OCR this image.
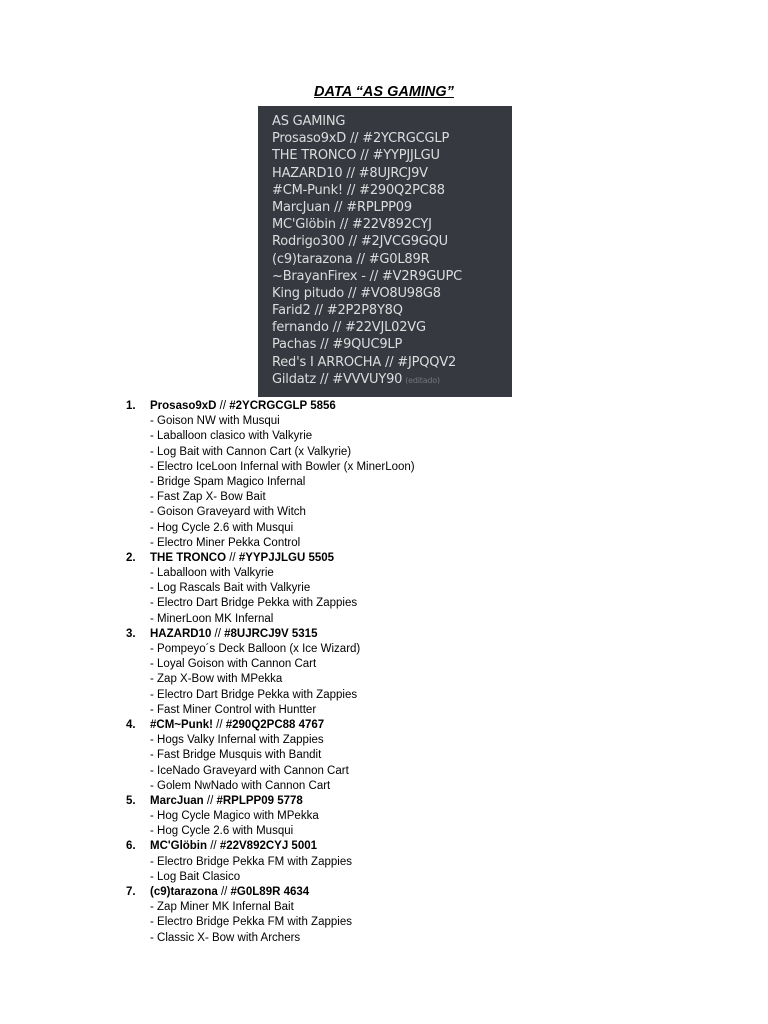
DATA “AS GAMING”
AS GAMING
Prosaso9xD // #2YCRGCGLP
THE TRONCO // #YYPJJLGU
HAZARD10 // #8UJRCJ9V
#CM-Punk! // #290Q2PC88
MarcJuan // #RPLPP09
MC'Glöbin // #22V892CYJ
Rodrigo300 // #2JVCG9GQU
(c9)tarazona // #G0L89R
~BrayanFirex - // #V2R9GUPC
King pitudo // #VO8U98G8
Farid2 // #2P2P8Y8Q
fernando // #22VJL02VG
Pachas // #9QUC9LP
Red's I ARROCHA // #JPQQV2
Gildatz // #VVVUY90 (editado)
1. Prosaso9xD // #2YCRGCGLP 5856
- Goison NW with Musqui
- Laballoon clasico with Valkyrie
- Log Bait with Cannon Cart (x Valkyrie)
- Electro IceLoon Infernal with Bowler (x MinerLoon)
- Bridge Spam Magico Infernal
- Fast Zap X- Bow Bait
- Goison Graveyard with Witch
- Hog Cycle 2.6 with Musqui
- Electro Miner Pekka Control
2. THE TRONCO // #YYPJJLGU 5505
- Laballoon with Valkyrie
- Log Rascals Bait with Valkyrie
- Electro Dart Bridge Pekka with Zappies
- MinerLoon MK Infernal
3. HAZARD10 // #8UJRCJ9V 5315
- Pompeyo´s Deck Balloon (x Ice Wizard)
- Loyal Goison with Cannon Cart
- Zap X-Bow with MPekka
- Electro Dart Bridge Pekka with Zappies
- Fast Miner Control with Huntter
4. #CM~Punk! // #290Q2PC88 4767
- Hogs Valky Infernal with Zappies
- Fast Bridge Musquis with Bandit
- IceNado Graveyard with Cannon Cart
- Golem NwNado with Cannon Cart
5. MarcJuan // #RPLPP09 5778
- Hog Cycle Magico with MPekka
- Hog Cycle 2.6 with Musqui
6. MC'Glöbin // #22V892CYJ 5001
- Electro Bridge Pekka FM with Zappies
- Log Bait Clasico
7. (c9)tarazona // #G0L89R 4634
- Zap Miner MK Infernal Bait
- Electro Bridge Pekka FM with Zappies
- Classic X- Bow with Archers
